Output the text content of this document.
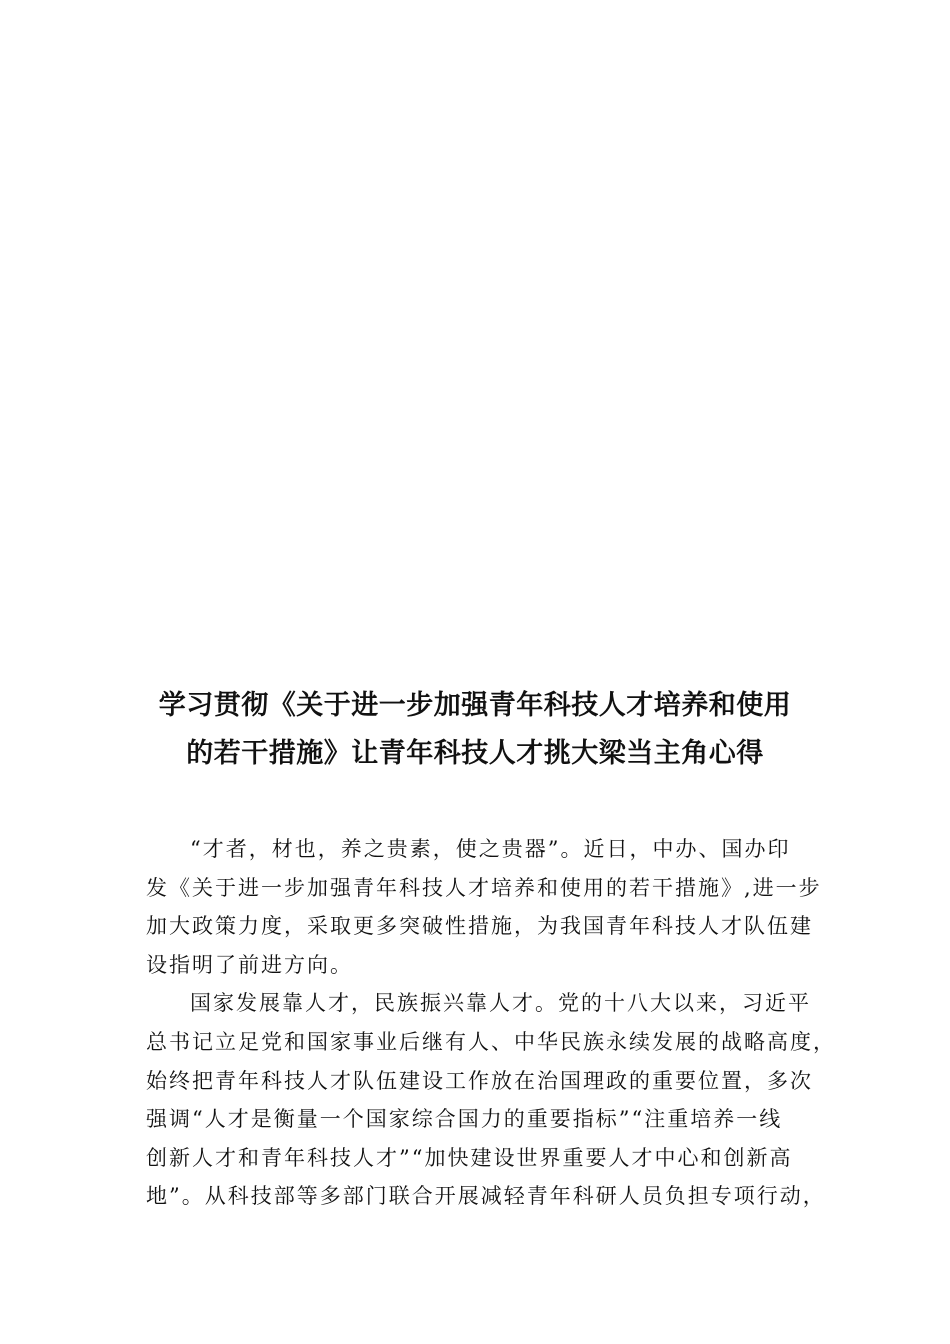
学习贯彻《关于进一步加强青年科技人才培养和使用
的若干措施》让青年科技人才挑大梁当主角心得

“才者，材也，养之贵素，使之贵器”。近日，中办、国办印
发《关于进一步加强青年科技人才培养和使用的若干措施》,进一步
加大政策力度，采取更多突破性措施，为我国青年科技人才队伍建
设指明了前进方向。

国家发展靠人才，民族振兴靠人才。党的十八大以来，习近平
总书记立足党和国家事业后继有人、中华民族永续发展的战略高度，
始终把青年科技人才队伍建设工作放在治国理政的重要位置，多次
强调“人才是衡量一个国家综合国力的重要指标”“注重培养一线
创新人才和青年科技人才”“加快建设世界重要人才中心和创新高
地”。从科技部等多部门联合开展减轻青年科研人员负担专项行动，
